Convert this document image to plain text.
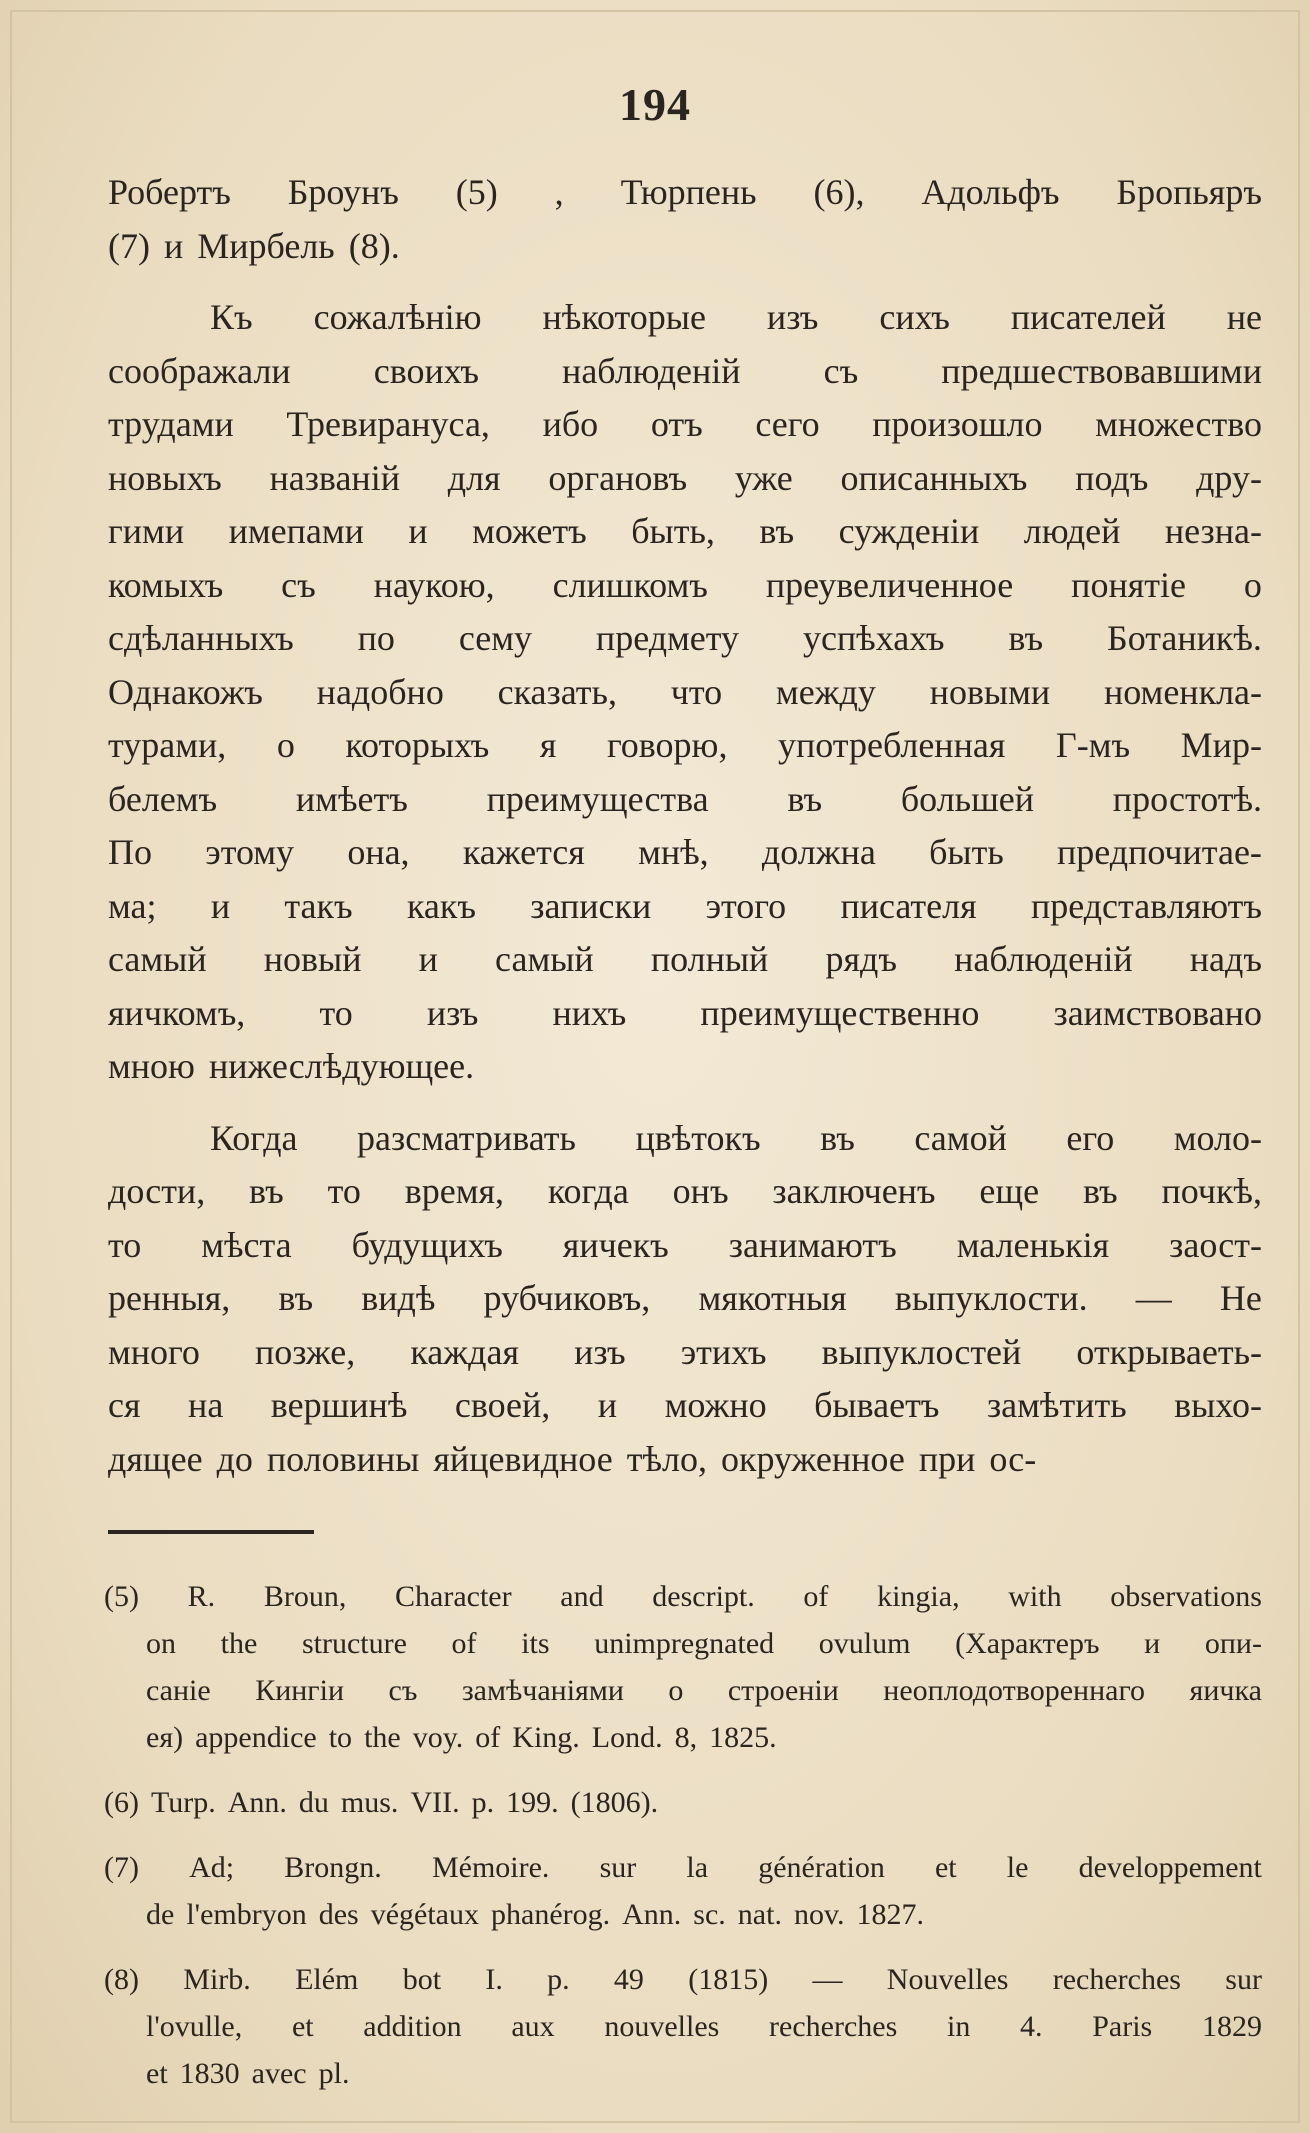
194
Робертъ Броунъ (5) , Тюрпень (6), Адольфъ Бропьяръ
(7) и Мирбель (8).
Къ сожалѣнію нѣкоторые изъ сихъ писателей не
соображали своихъ наблюденій съ предшествовавшими
трудами Тревирануса, ибо отъ сего произошло множество
новыхъ названій для органовъ уже описанныхъ подъ дру-
гими имепами и можетъ быть, въ сужденіи людей незна-
комыхъ съ наукою, слишкомъ преувеличенное понятіе о
сдѣланныхъ по сему предмету успѣхахъ въ Ботаникѣ.
Однакожъ надобно сказать, что между новыми номенкла-
турами, о которыхъ я говорю, употребленная Г-мъ Мир-
белемъ имѣетъ преимущества въ большей простотѣ.
По этому она, кажется мнѣ, должна быть предпочитае-
ма; и такъ какъ записки этого писателя представляютъ
самый новый и самый полный рядъ наблюденій надъ
яичкомъ, то изъ нихъ преимущественно заимствовано
мною нижеслѣдующее.
Когда разсматривать цвѣтокъ въ самой его моло-
дости, въ то время, когда онъ заключенъ еще въ почкѣ,
то мѣста будущихъ яичекъ занимаютъ маленькія заост-
ренныя, въ видѣ рубчиковъ, мякотныя выпуклости. — Не
много позже, каждая изъ этихъ выпуклостей открываеть-
ся на вершинѣ своей, и можно бываетъ замѣтить выхо-
дящее до половины яйцевидное тѣло, окруженное при ос-
(5) R. Broun, Character and descript. of kingia, with observations
on the structure of its unimpregnated ovulum (Характеръ и опи-
саніе Кингіи съ замѣчаніями о строеніи неоплодотвореннаго яичка
ея) appendice to the voy. of King. Lond. 8, 1825.
(6) Turp. Ann. du mus. VII. p. 199. (1806).
(7) Ad; Brongn. Mémoire. sur la génération et le developpement
de l'embryon des végétaux phanérog. Ann. sc. nat. nov. 1827.
(8) Mirb. Elém bot I. p. 49 (1815) — Nouvelles recherches sur
l'ovulle, et addition aux nouvelles recherches in 4. Paris 1829
et 1830 avec pl.
